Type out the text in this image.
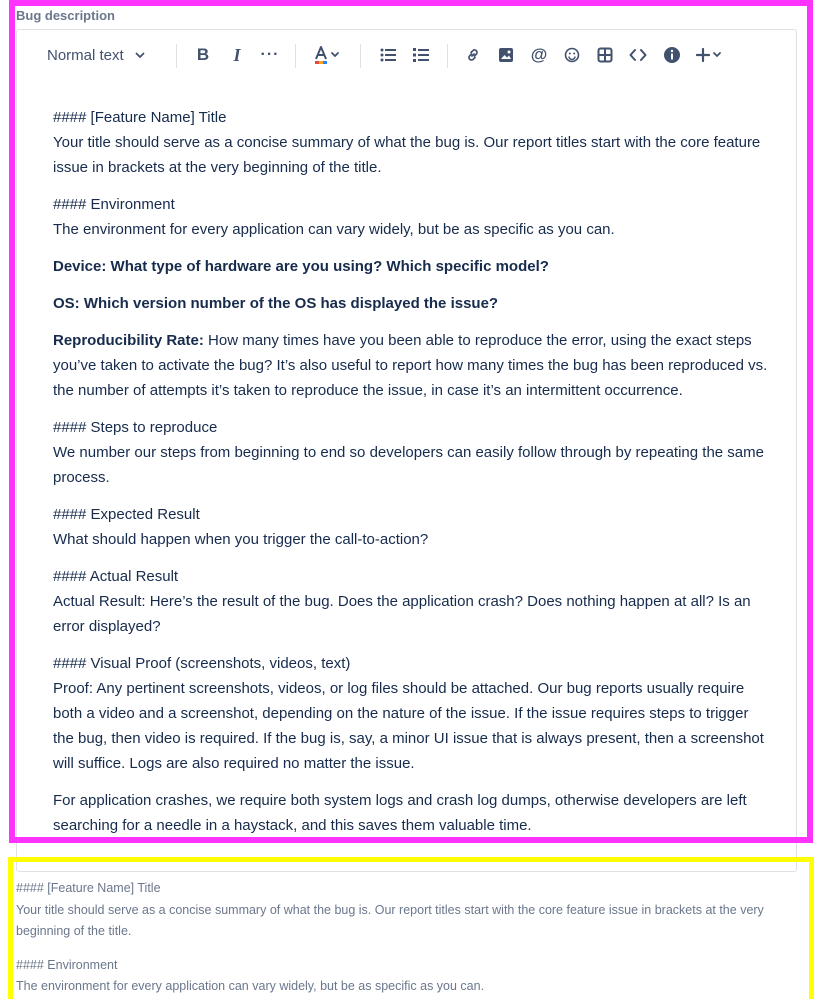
Bug description
Normal text	B	I	···	@

#### [Feature Name] Title
Your title should serve as a concise summary of what the bug is. Our report titles start with the core feature issue in brackets at the very beginning of the title.

#### Environment
The environment for every application can vary widely, but be as specific as you can.

Device: What type of hardware are you using? Which specific model?

OS: Which version number of the OS has displayed the issue?

Reproducibility Rate: How many times have you been able to reproduce the error, using the exact steps you’ve taken to activate the bug? It’s also useful to report how many times the bug has been reproduced vs. the number of attempts it’s taken to reproduce the issue, in case it’s an intermittent occurrence.

#### Steps to reproduce
We number our steps from beginning to end so developers can easily follow through by repeating the same process.

#### Expected Result
What should happen when you trigger the call-to-action?

#### Actual Result
Actual Result: Here’s the result of the bug. Does the application crash? Does nothing happen at all? Is an error displayed?

#### Visual Proof (screenshots, videos, text)
Proof: Any pertinent screenshots, videos, or log files should be attached. Our bug reports usually require both a video and a screenshot, depending on the nature of the issue. If the issue requires steps to trigger the bug, then video is required. If the bug is, say, a minor UI issue that is always present, then a screenshot will suffice. Logs are also required no matter the issue.

For application crashes, we require both system logs and crash log dumps, otherwise developers are left searching for a needle in a haystack, and this saves them valuable time.

#### [Feature Name] Title
Your title should serve as a concise summary of what the bug is. Our report titles start with the core feature issue in brackets at the very beginning of the title.

#### Environment
The environment for every application can vary widely, but be as specific as you can.
